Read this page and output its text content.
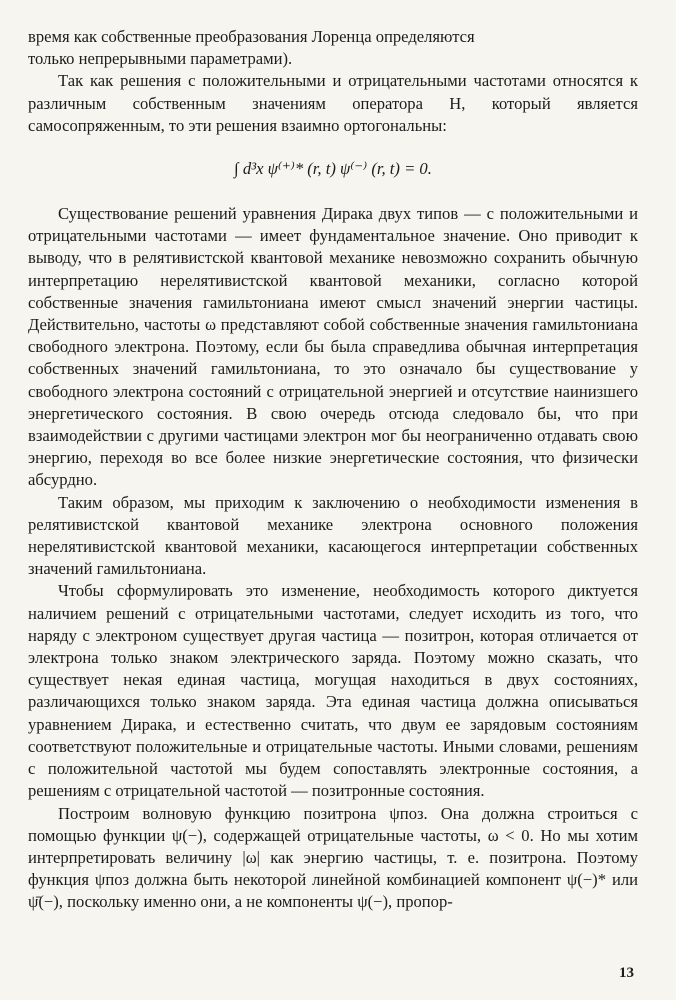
время как собственные преобразования Лоренца определяются
только непрерывными параметрами).

Так как решения с положительными и отрицательными частотами относятся к различным собственным значениям оператора H, который является самосопряженным, то эти решения взаимно ортогональны:

∫ d³x ψ⁽⁺⁾* (r, t) ψ⁽⁻⁾ (r, t) = 0.

Существование решений уравнения Дирака двух типов — с положительными и отрицательными частотами — имеет фундаментальное значение. Оно приводит к выводу, что в релятивистской квантовой механике невозможно сохранить обычную интерпретацию нерелятивистской квантовой механики, согласно которой собственные значения гамильтониана имеют смысл значений энергии частицы. Действительно, частоты ω представляют собой собственные значения гамильтониана свободного электрона. Поэтому, если бы была справедлива обычная интерпретация собственных значений гамильтониана, то это означало бы существование у свободного электрона состояний с отрицательной энергией и отсутствие наинизшего энергетического состояния. В свою очередь отсюда следовало бы, что при взаимодействии с другими частицами электрон мог бы неограниченно отдавать свою энергию, переходя во все более низкие энергетические состояния, что физически абсурдно.

Таким образом, мы приходим к заключению о необходимости изменения в релятивистской квантовой механике электрона основного положения нерелятивистской квантовой механики, касающегося интерпретации собственных значений гамильтониана.

Чтобы сформулировать это изменение, необходимость которого диктуется наличием решений с отрицательными частотами, следует исходить из того, что наряду с электроном существует другая частица — позитрон, которая отличается от электрона только знаком электрического заряда. Поэтому можно сказать, что существует некая единая частица, могущая находиться в двух состояниях, различающихся только знаком заряда. Эта единая частица должна описываться уравнением Дирака, и естественно считать, что двум ее зарядовым состояниям соответствуют положительные и отрицательные частоты. Иными словами, решениям с положительной частотой мы будем сопоставлять электронные состояния, а решениям с отрицательной частотой — позитронные состояния.

Построим волновую функцию позитрона ψпоз. Она должна строиться с помощью функции ψ(−), содержащей отрицательные частоты, ω < 0. Но мы хотим интерпретировать величину |ω| как энергию частицы, т. е. позитрона. Поэтому функция ψпоз должна быть некоторой линейной комбинацией компонент ψ(−)* или ψ̄(−), поскольку именно они, а не компоненты ψ(−), пропор-

13
